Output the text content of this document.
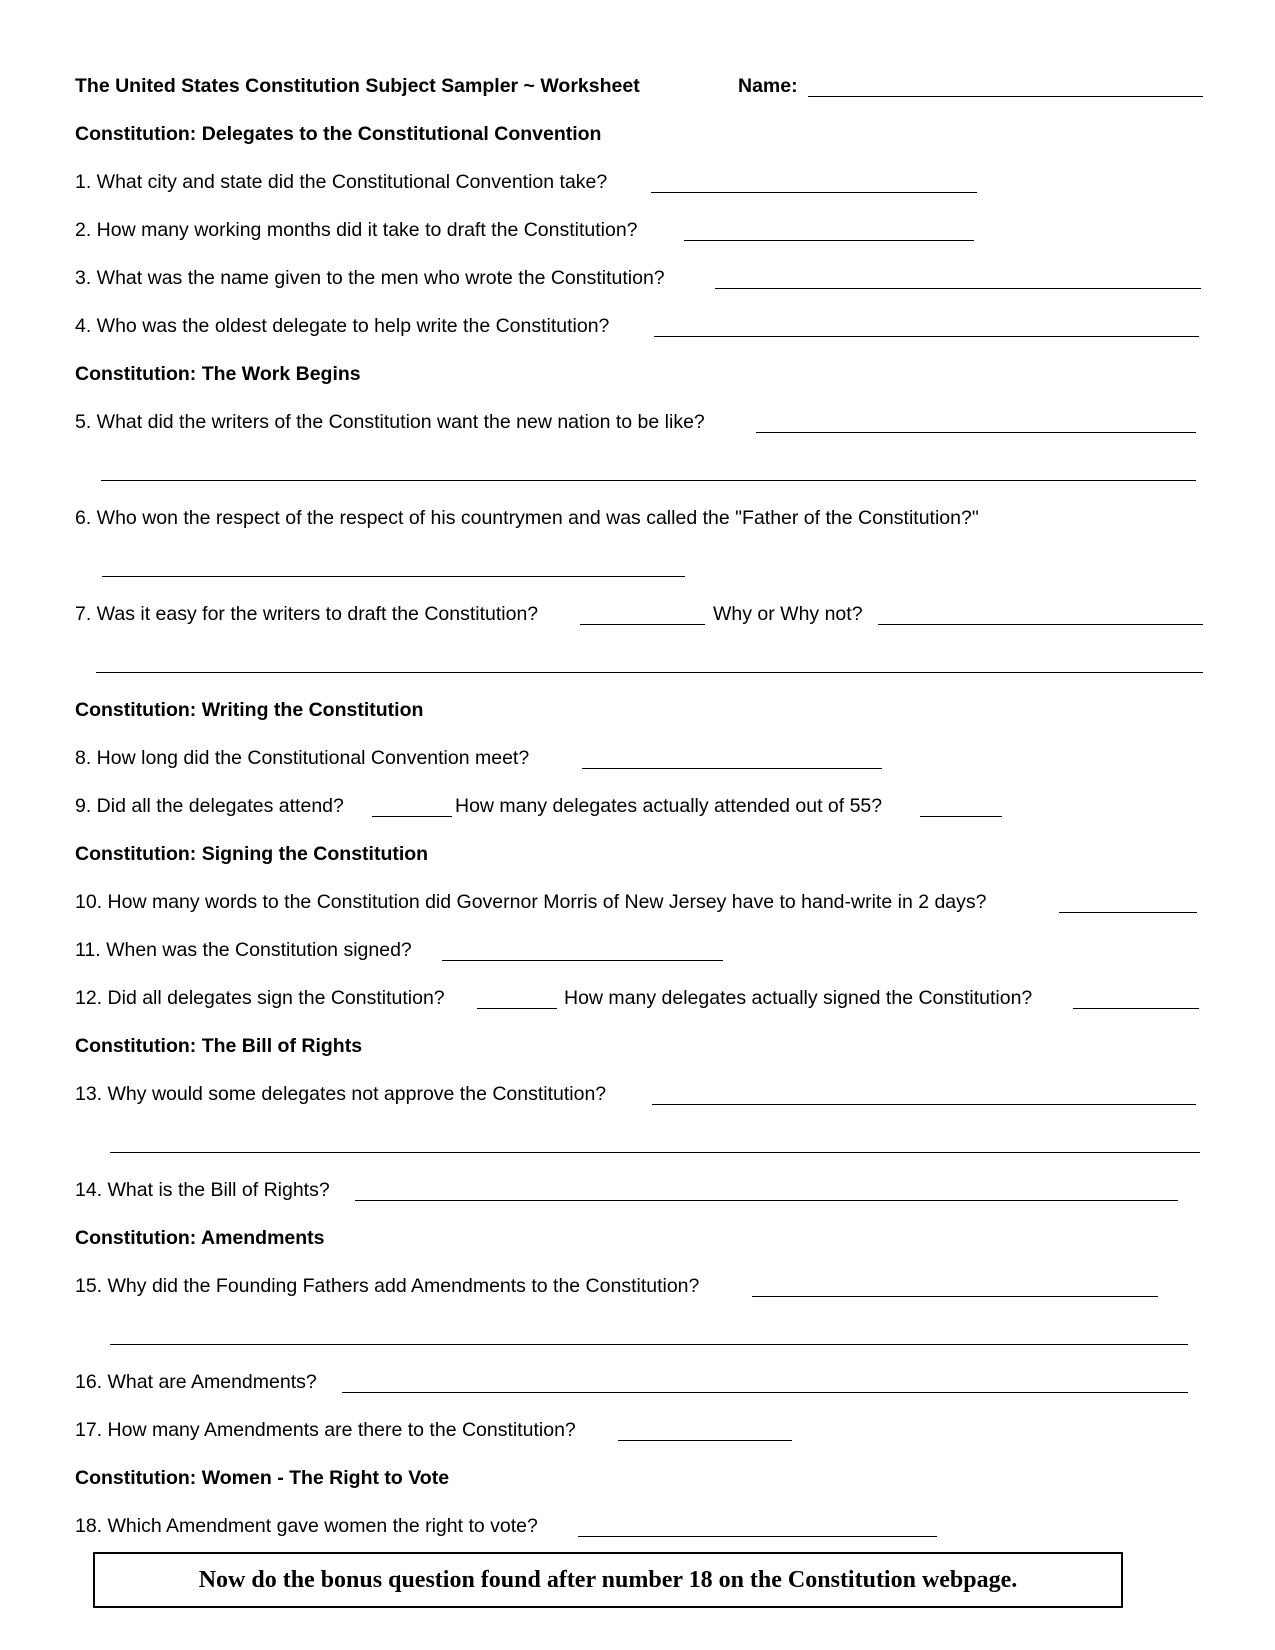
The United States Constitution Subject Sampler ~ Worksheet	Name:
Constitution: Delegates to the Constitutional Convention
1. What city and state did the Constitutional Convention take?
2. How many working months did it take to draft the Constitution?
3. What was the name given to the men who wrote the Constitution?
4. Who was the oldest delegate to help write the Constitution?
Constitution: The Work Begins
5. What did the writers of the Constitution want the new nation to be like?
6. Who won the respect of the respect of his countrymen and was called the "Father of the Constitution?"
7. Was it easy for the writers to draft the Constitution?	Why or Why not?
Constitution: Writing the Constitution
8. How long did the Constitutional Convention meet?
9. Did all the delegates attend?	How many delegates actually attended out of 55?
Constitution: Signing the Constitution
10. How many words to the Constitution did Governor Morris of New Jersey have to hand-write in 2 days?
11. When was the Constitution signed?
12. Did all delegates sign the Constitution?	How many delegates actually signed the Constitution?
Constitution: The Bill of Rights
13. Why would some delegates not approve the Constitution?
14. What is the Bill of Rights?
Constitution: Amendments
15. Why did the Founding Fathers add Amendments to the Constitution?
16. What are Amendments?
17. How many Amendments are there to the Constitution?
Constitution: Women - The Right to Vote
18. Which Amendment gave women the right to vote?
Now do the bonus question found after number 18 on the Constitution webpage.
